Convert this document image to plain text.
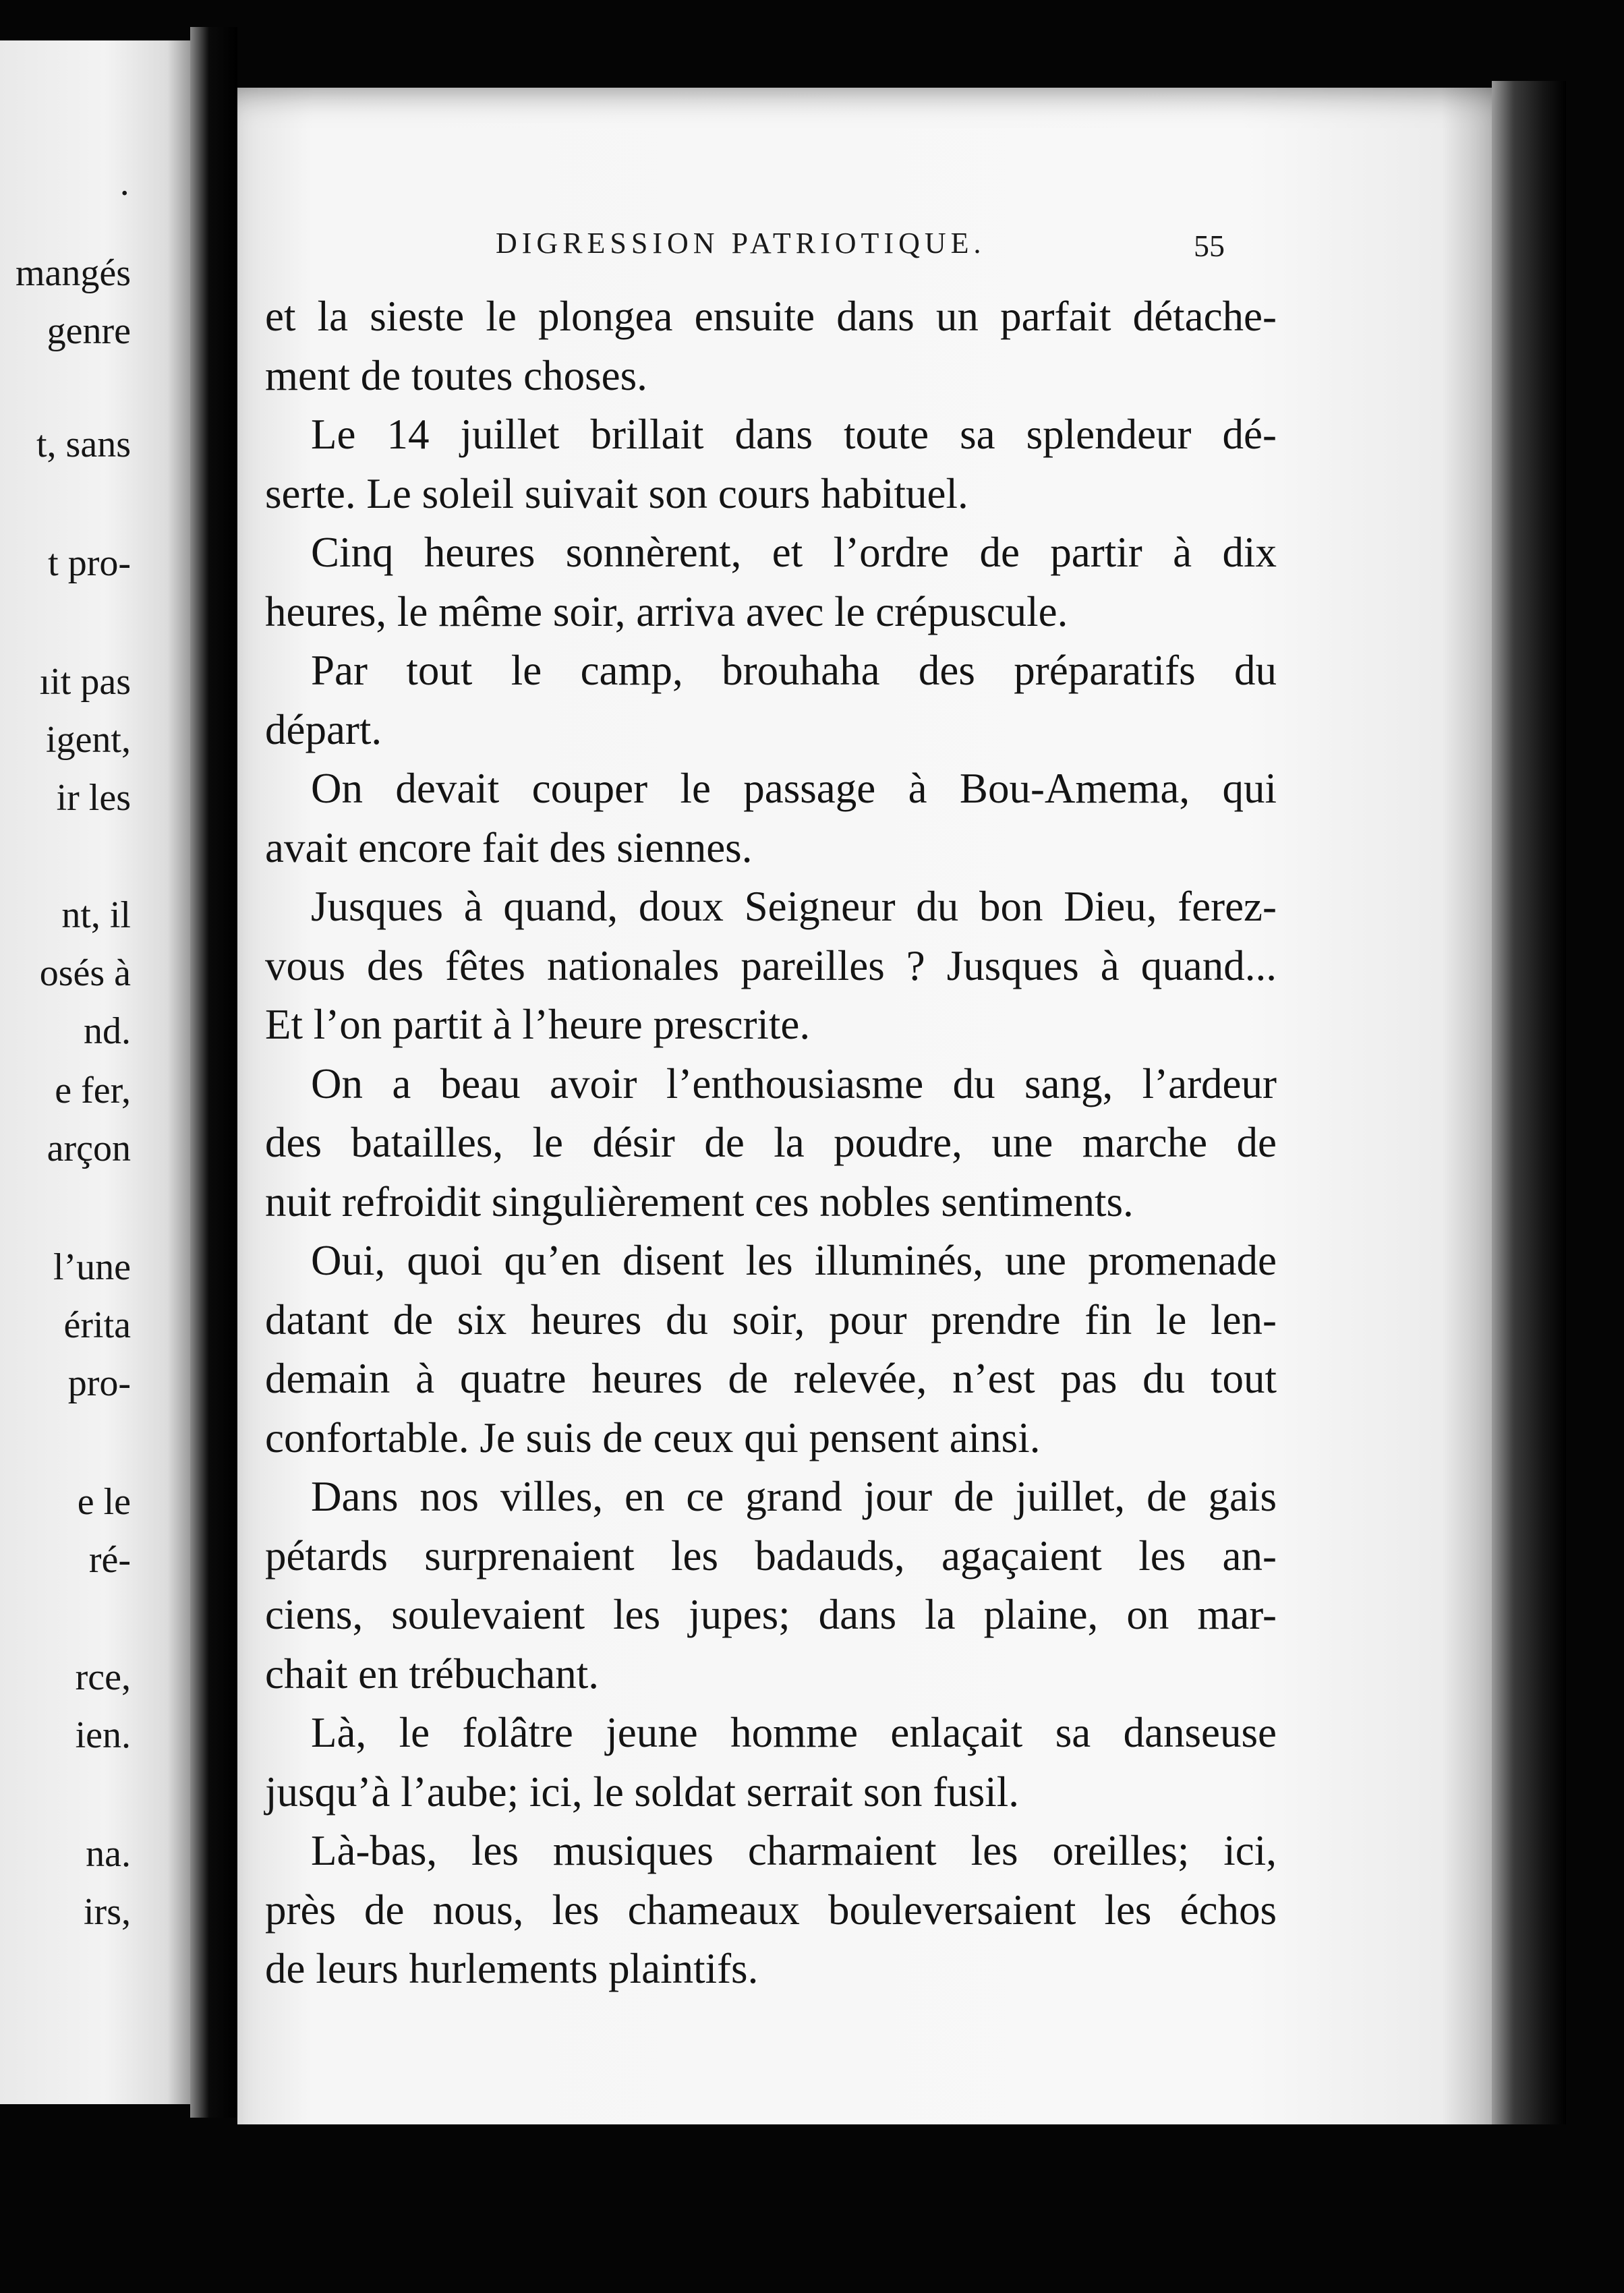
·
mangés
genre
t, sans
t pro-
ıit pas
igent,
ir les
nt, il
osés à
nd.
e fer,
arçon
l’une
érita
pro-
e le
ré-
rce,
ien.
na.
irs,
DIGRESSION PATRIOTIQUE.	55
et la sieste le plongea ensuite dans un parfait détache-
ment de toutes choses.
Le 14 juillet brillait dans toute sa splendeur dé-
serte. Le soleil suivait son cours habituel.
Cinq heures sonnèrent, et l’ordre de partir à dix
heures, le même soir, arriva avec le crépuscule.
Par tout le camp, brouhaha des préparatifs du
départ.
On devait couper le passage à Bou-Amema, qui
avait encore fait des siennes.
Jusques à quand, doux Seigneur du bon Dieu, ferez-
vous des fêtes nationales pareilles ? Jusques à quand...
Et l’on partit à l’heure prescrite.
On a beau avoir l’enthousiasme du sang, l’ardeur
des batailles, le désir de la poudre, une marche de
nuit refroidit singulièrement ces nobles sentiments.
Oui, quoi qu’en disent les illuminés, une promenade
datant de six heures du soir, pour prendre fin le len-
demain à quatre heures de relevée, n’est pas du tout
confortable. Je suis de ceux qui pensent ainsi.
Dans nos villes, en ce grand jour de juillet, de gais
pétards surprenaient les badauds, agaçaient les an-
ciens, soulevaient les jupes; dans la plaine, on mar-
chait en trébuchant.
Là, le folâtre jeune homme enlaçait sa danseuse
jusqu’à l’aube; ici, le soldat serrait son fusil.
Là-bas, les musiques charmaient les oreilles; ici,
près de nous, les chameaux bouleversaient les échos
de leurs hurlements plaintifs.
